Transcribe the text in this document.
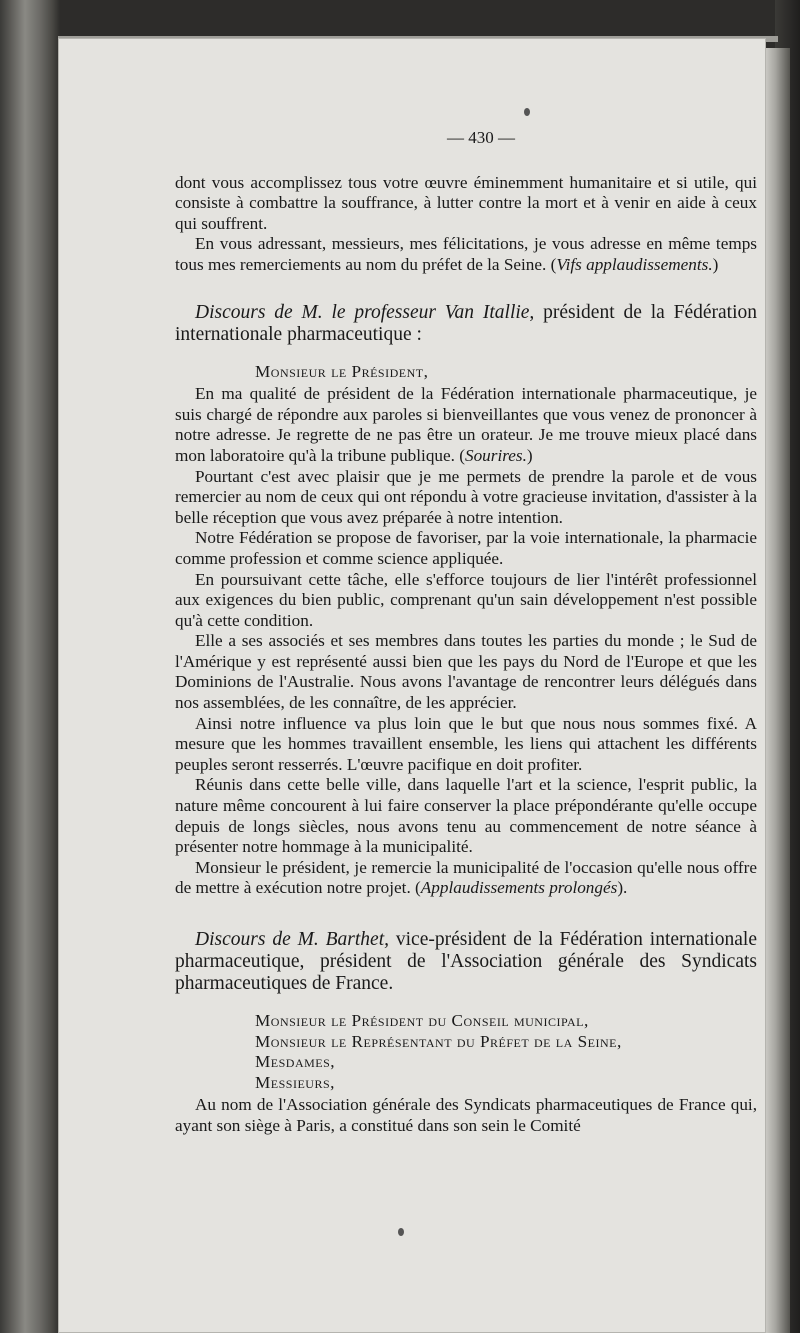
— 430 —

dont vous accomplissez tous votre œuvre éminemment humanitaire et si utile, qui consiste à combattre la souffrance, à lutter contre la mort et à venir en aide à ceux qui souffrent.

En vous adressant, messieurs, mes félicitations, je vous adresse en même temps tous mes remerciements au nom du préfet de la Seine. (Vifs applaudissements.)

Discours de M. le professeur Van Itallie, président de la Fédération internationale pharmaceutique :
Monsieur le Président,

En ma qualité de président de la Fédération internationale pharmaceutique, je suis chargé de répondre aux paroles si bienveillantes que vous venez de prononcer à notre adresse. Je regrette de ne pas être un orateur. Je me trouve mieux placé dans mon laboratoire qu'à la tribune publique. (Sourires.)

Pourtant c'est avec plaisir que je me permets de prendre la parole et de vous remercier au nom de ceux qui ont répondu à votre gracieuse invitation, d'assister à la belle réception que vous avez préparée à notre intention.

Notre Fédération se propose de favoriser, par la voie internationale, la pharmacie comme profession et comme science appliquée.

En poursuivant cette tâche, elle s'efforce toujours de lier l'intérêt professionnel aux exigences du bien public, comprenant qu'un sain développement n'est possible qu'à cette condition.

Elle a ses associés et ses membres dans toutes les parties du monde ; le Sud de l'Amérique y est représenté aussi bien que les pays du Nord de l'Europe et que les Dominions de l'Australie. Nous avons l'avantage de rencontrer leurs délégués dans nos assemblées, de les connaître, de les apprécier.

Ainsi notre influence va plus loin que le but que nous nous sommes fixé. A mesure que les hommes travaillent ensemble, les liens qui attachent les différents peuples seront resserrés. L'œuvre pacifique en doit profiter.

Réunis dans cette belle ville, dans laquelle l'art et la science, l'esprit public, la nature même concourent à lui faire conserver la place prépondérante qu'elle occupe depuis de longs siècles, nous avons tenu au commencement de notre séance à présenter notre hommage à la municipalité.

Monsieur le président, je remercie la municipalité de l'occasion qu'elle nous offre de mettre à exécution notre projet. (Applaudissements prolongés).

Discours de M. Barthet, vice-président de la Fédération internationale pharmaceutique, président de l'Association générale des Syndicats pharmaceutiques de France.
Monsieur le Président du Conseil municipal,
Monsieur le Représentant du Préfet de la Seine,
Mesdames,
Messieurs,

Au nom de l'Association générale des Syndicats pharmaceutiques de France qui, ayant son siège à Paris, a constitué dans son sein le Comité
